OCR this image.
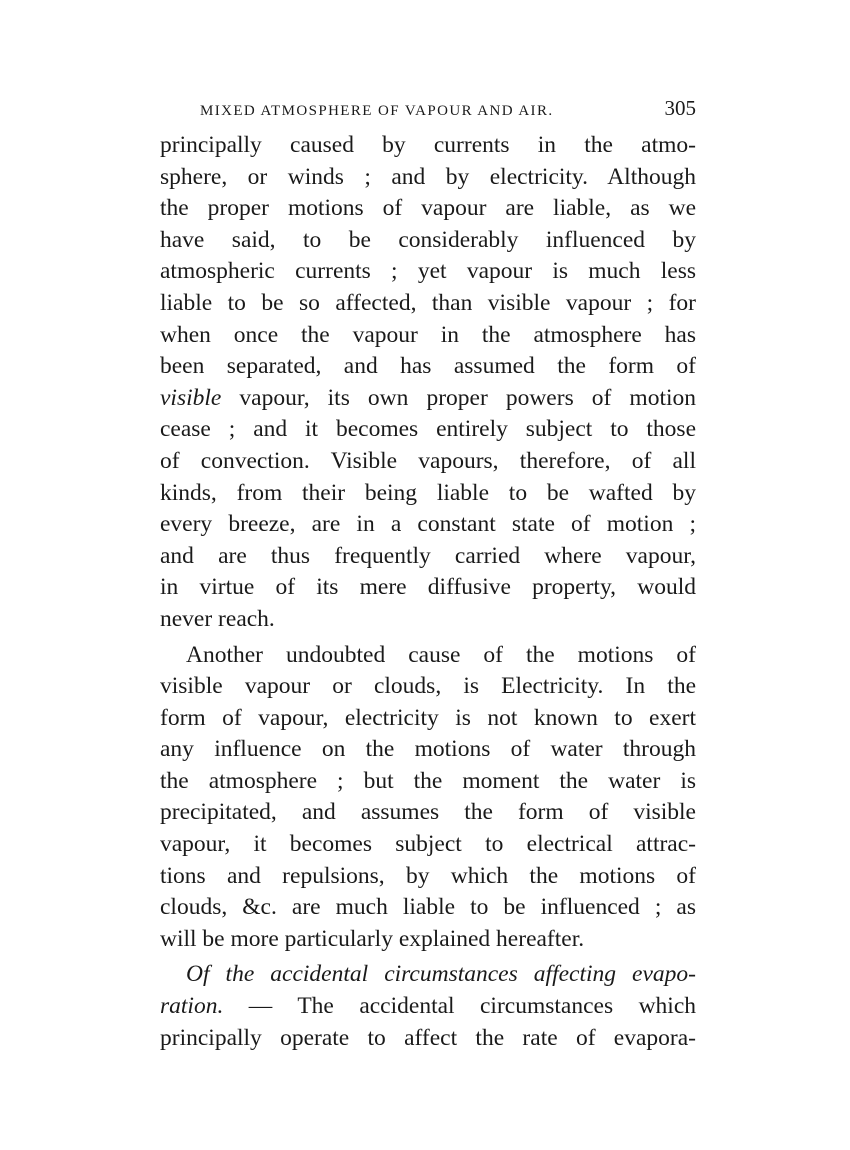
MIXED ATMOSPHERE OF VAPOUR AND AIR.	305
principally caused by currents in the atmo-
sphere, or winds ; and by electricity. Although
the proper motions of vapour are liable, as we
have said, to be considerably influenced by
atmospheric currents ; yet vapour is much less
liable to be so affected, than visible vapour ; for
when once the vapour in the atmosphere has
been separated, and has assumed the form of
visible vapour, its own proper powers of motion
cease ; and it becomes entirely subject to those
of convection. Visible vapours, therefore, of all
kinds, from their being liable to be wafted by
every breeze, are in a constant state of motion ;
and are thus frequently carried where vapour,
in virtue of its mere diffusive property, would
never reach.
Another undoubted cause of the motions of
visible vapour or clouds, is Electricity. In the
form of vapour, electricity is not known to exert
any influence on the motions of water through
the atmosphere ; but the moment the water is
precipitated, and assumes the form of visible
vapour, it becomes subject to electrical attrac-
tions and repulsions, by which the motions of
clouds, &c. are much liable to be influenced ; as
will be more particularly explained hereafter.
Of the accidental circumstances affecting evapo-
ration. — The accidental circumstances which
principally operate to affect the rate of evapora-
